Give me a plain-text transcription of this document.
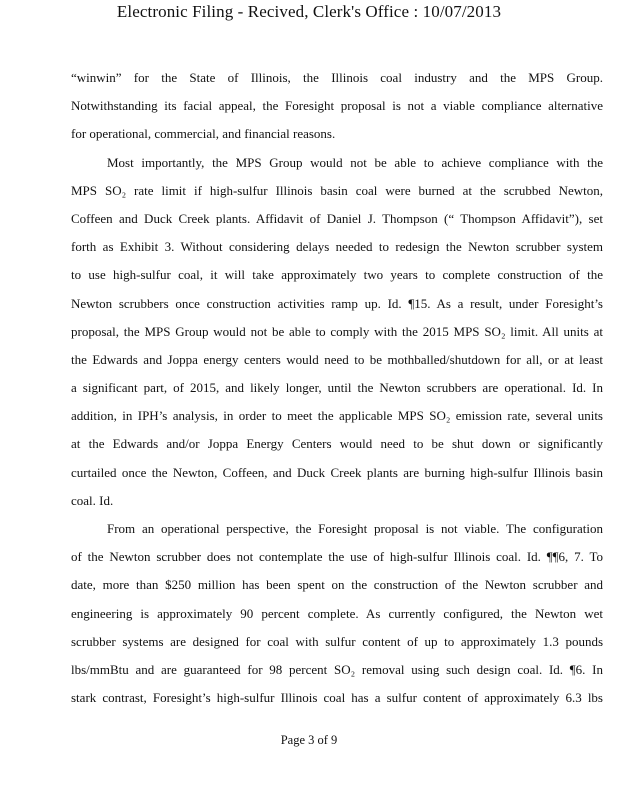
Electronic Filing - Recived, Clerk's Office : 10/07/2013
“winwin” for the State of Illinois, the Illinois coal industry and the MPS Group.
Notwithstanding its facial appeal, the Foresight proposal is not a viable compliance alternative
for operational, commercial, and financial reasons.
Most importantly, the MPS Group would not be able to achieve compliance with the
MPS SO₂ rate limit if high-sulfur Illinois basin coal were burned at the scrubbed Newton,
Coffeen and Duck Creek plants. Affidavit of Daniel J. Thompson (“ Thompson Affidavit”), set
forth as Exhibit 3. Without considering delays needed to redesign the Newton scrubber system
to use high-sulfur coal, it will take approximately two years to complete construction of the
Newton scrubbers once construction activities ramp up. Id. ¶15. As a result, under Foresight’s
proposal, the MPS Group would not be able to comply with the 2015 MPS SO₂ limit. All units at
the Edwards and Joppa energy centers would need to be mothballed/shutdown for all, or at least
a significant part, of 2015, and likely longer, until the Newton scrubbers are operational. Id. In
addition, in IPH’s analysis, in order to meet the applicable MPS SO₂ emission rate, several units
at the Edwards and/or Joppa Energy Centers would need to be shut down or significantly
curtailed once the Newton, Coffeen, and Duck Creek plants are burning high-sulfur Illinois basin
coal. Id.
From an operational perspective, the Foresight proposal is not viable. The configuration
of the Newton scrubber does not contemplate the use of high-sulfur Illinois coal. Id. ¶¶6, 7. To
date, more than $250 million has been spent on the construction of the Newton scrubber and
engineering is approximately 90 percent complete. As currently configured, the Newton wet
scrubber systems are designed for coal with sulfur content of up to approximately 1.3 pounds
lbs/mmBtu and are guaranteed for 98 percent SO₂ removal using such design coal. Id. ¶6. In
stark contrast, Foresight’s high-sulfur Illinois coal has a sulfur content of approximately 6.3 lbs
Page 3 of 9
